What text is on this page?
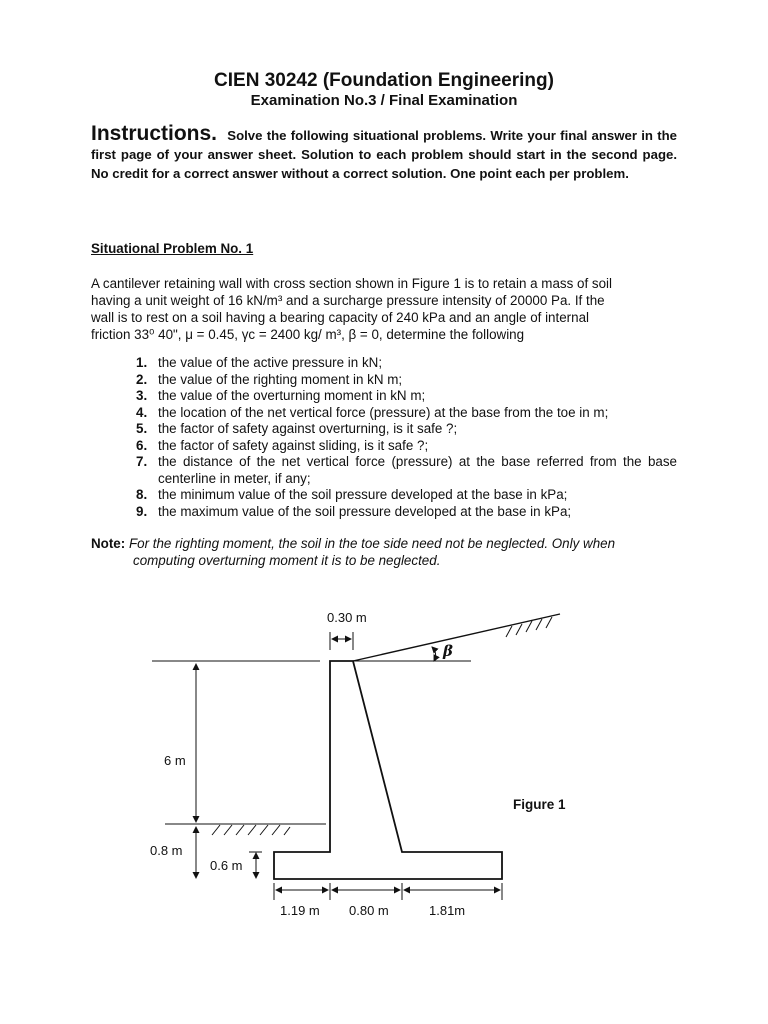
CIEN 30242 (Foundation Engineering)
Examination No.3 / Final Examination
Instructions. Solve the following situational problems. Write your final answer in the first page of your answer sheet. Solution to each problem should start in the second page. No credit for a correct answer without a correct solution. One point each per problem.
Situational Problem No. 1
A cantilever retaining wall with cross section shown in Figure 1 is to retain a mass of soil
having a unit weight of 16 kN/m³ and a surcharge pressure intensity of 20000 Pa. If the
wall is to rest on a soil having a bearing capacity of 240 kPa and an angle of internal
friction 33⁰ 40", μ = 0.45, γc = 2400 kg/ m³, β = 0, determine the following
1. the value of the active pressure in kN;
2. the value of the righting moment in kN m;
3. the value of the overturning moment in kN m;
4. the location of the net vertical force (pressure) at the base from the toe in m;
5. the factor of safety against overturning, is it safe ?;
6. the factor of safety against sliding, is it safe ?;
7. the distance of the net vertical force (pressure) at the base referred from the base centerline in meter, if any;
8. the minimum value of the soil pressure developed at the base in kPa;
9. the maximum value of the soil pressure developed at the base in kPa;
Note: For the righting moment, the soil in the toe side need not be neglected. Only when
computing overturning moment it is to be neglected.
0.30 m
β
6 m
0.8 m
0.6 m
1.19 m 0.80 m	1.81m
Figure 1
